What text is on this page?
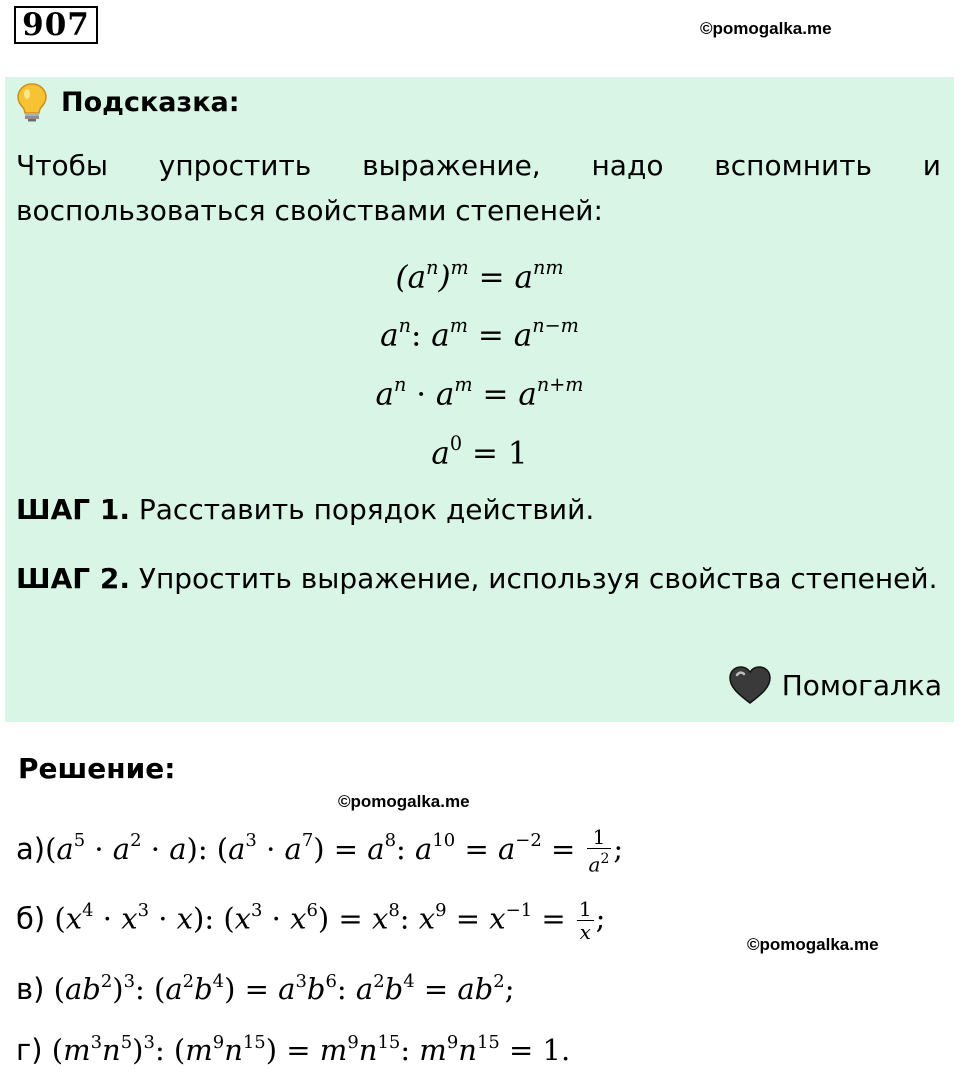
907	©pomogalka.me
Подсказка:
Чтобы упростить выражение, надо вспомнить и воспользоваться свойствами степеней:
$(a^n)^m = a^{nm}$
$a^n$: $a^m = a^{n-m}$
$a^n \cdot a^m = a^{n+m}$
$a^0 = 1$
ШАГ 1. Расставить порядок действий.
ШАГ 2. Упростить выражение, используя свойства степеней.
Помогалка
Решение:
©pomogalka.me
©pomogalka.me
$а)(a^5 \cdot a^2 \cdot a)$: $(a^3 \cdot a^7) = a^8$: $a^{10} = a^{-2} = \frac{1}{a^2}$ ;
б) $(x^4 \cdot x^3 \cdot x)$: $(x^3 \cdot x^6) = x^8$: $x^9 = x^{-1} = \frac{1}{x}$ ;
в) $(ab^2)^3$: $(a^2b^4) = a^3b^6$: $a^2b^4 = ab^2$;
г) $(m^3n^5)^3$: $(m^9n^{15}) = m^9n^{15}$: $m^9n^{15} = 1$.
